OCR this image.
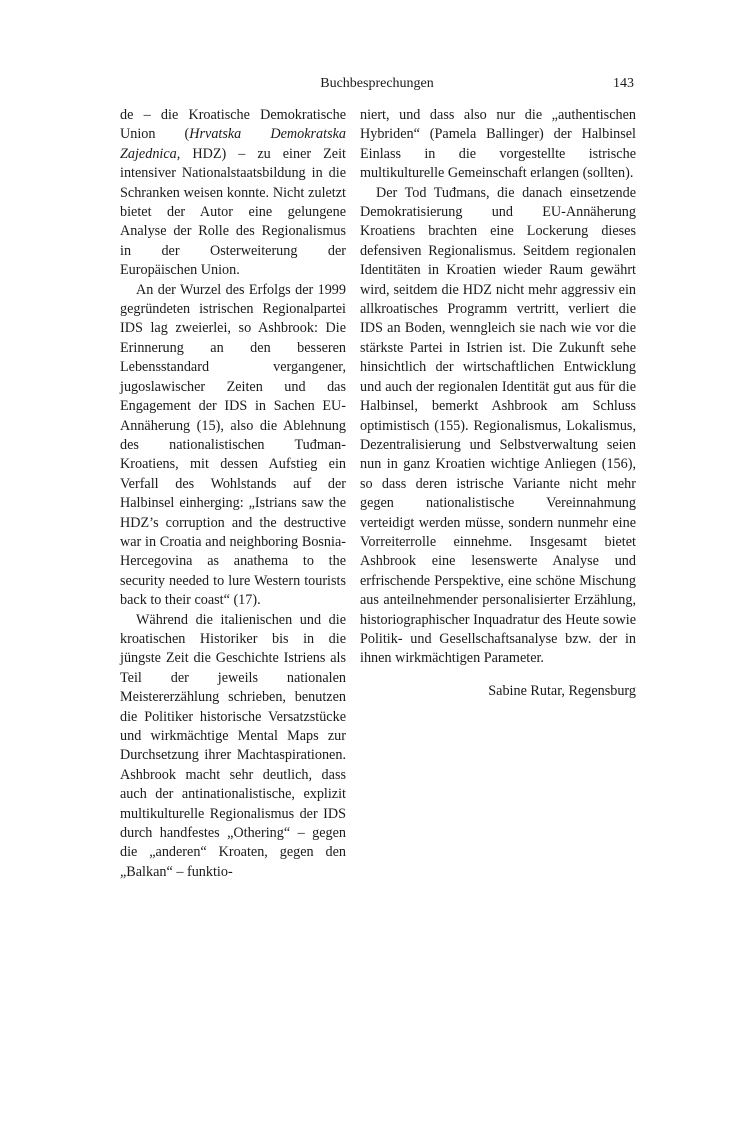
Buchbesprechungen	143

de – die Kroatische Demokratische Union (Hrvatska Demokratska Zajednica, HDZ) – zu einer Zeit intensiver Nationalstaatsbildung in die Schranken weisen konnte. Nicht zuletzt bietet der Autor eine gelungene Analyse der Rolle des Regionalismus in der Osterweiterung der Europäischen Union.

An der Wurzel des Erfolgs der 1999 gegründeten istrischen Regionalpartei IDS lag zweierlei, so Ashbrook: Die Erinnerung an den besseren Lebensstandard vergangener, jugoslawischer Zeiten und das Engagement der IDS in Sachen EU-Annäherung (15), also die Ablehnung des nationalistischen Tuđman-Kroatiens, mit dessen Aufstieg ein Verfall des Wohlstands auf der Halbinsel einherging: „Istrians saw the HDZ’s corruption and the destructive war in Croatia and neighboring Bosnia-Hercegovina as anathema to the security needed to lure Western tourists back to their coast“ (17).

Während die italienischen und die kroatischen Historiker bis in die jüngste Zeit die Geschichte Istriens als Teil der jeweils nationalen Meistererzählung schrieben, benutzen die Politiker historische Versatzstücke und wirkmächtige Mental Maps zur Durchsetzung ihrer Machtaspirationen. Ashbrook macht sehr deutlich, dass auch der antinationalistische, explizit multikulturelle Regionalismus der IDS durch handfestes „Othering“ – gegen die „anderen“ Kroaten, gegen den „Balkan“ – funktio-

niert, und dass also nur die „authentischen Hybriden“ (Pamela Ballinger) der Halbinsel Einlass in die vorgestellte istrische multikulturelle Gemeinschaft erlangen (sollten).

Der Tod Tuđmans, die danach einsetzende Demokratisierung und EU-Annäherung Kroatiens brachten eine Lockerung dieses defensiven Regionalismus. Seitdem regionalen Identitäten in Kroatien wieder Raum gewährt wird, seitdem die HDZ nicht mehr aggressiv ein allkroatisches Programm vertritt, verliert die IDS an Boden, wenngleich sie nach wie vor die stärkste Partei in Istrien ist. Die Zukunft sehe hinsichtlich der wirtschaftlichen Entwicklung und auch der regionalen Identität gut aus für die Halbinsel, bemerkt Ashbrook am Schluss optimistisch (155). Regionalismus, Lokalismus, Dezentralisierung und Selbstverwaltung seien nun in ganz Kroatien wichtige Anliegen (156), so dass deren istrische Variante nicht mehr gegen nationalistische Vereinnahmung verteidigt werden müsse, sondern nunmehr eine Vorreiterrolle einnehme. Insgesamt bietet Ashbrook eine lesenswerte Analyse und erfrischende Perspektive, eine schöne Mischung aus anteilnehmender personalisierter Erzählung, historiographischer Inquadratur des Heute sowie Politik- und Gesellschaftsanalyse bzw. der in ihnen wirkmächtigen Parameter.

Sabine Rutar, Regensburg
